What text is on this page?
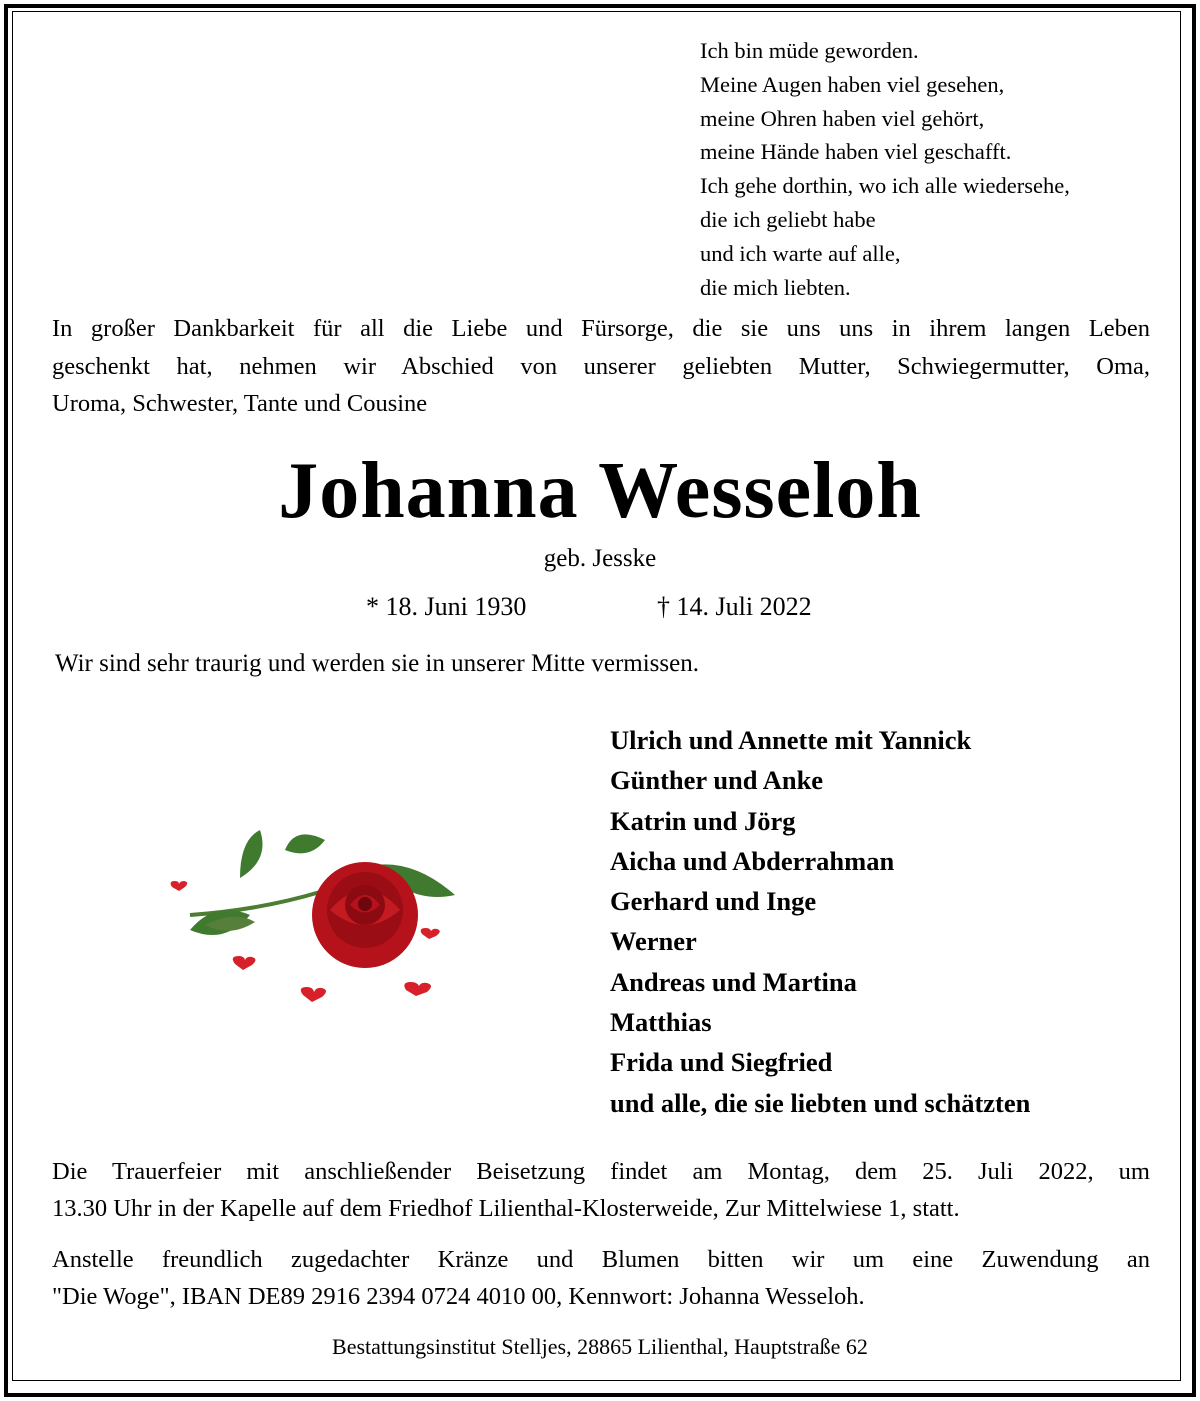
Ich bin müde geworden.
Meine Augen haben viel gesehen,
meine Ohren haben viel gehört,
meine Hände haben viel geschafft.
Ich gehe dorthin, wo ich alle wiedersehe,
die ich geliebt habe
und ich warte auf alle,
die mich liebten.
In großer Dankbarkeit für all die Liebe und Fürsorge, die sie uns uns in ihrem langen Leben
geschenkt hat, nehmen wir Abschied von unserer geliebten Mutter, Schwiegermutter, Oma,
Uroma, Schwester, Tante und Cousine
Johanna Wesseloh
geb. Jesske
* 18. Juni 1930	† 14. Juli 2022
Wir sind sehr traurig und werden sie in unserer Mitte vermissen.
Ulrich und Annette mit Yannick
Günther und Anke
Katrin und Jörg
Aicha und Abderrahman
Gerhard und Inge
Werner
Andreas und Martina
Matthias
Frida und Siegfried
und alle, die sie liebten und schätzten
Die Trauerfeier mit anschließender Beisetzung findet am Montag, dem 25. Juli 2022, um
13.30 Uhr in der Kapelle auf dem Friedhof Lilienthal-Klosterweide, Zur Mittelwiese 1, statt.
Anstelle freundlich zugedachter Kränze und Blumen bitten wir um eine Zuwendung an
"Die Woge", IBAN DE89 2916 2394 0724 4010 00, Kennwort: Johanna Wesseloh.
Bestattungsinstitut Stelljes, 28865 Lilienthal, Hauptstraße 62
